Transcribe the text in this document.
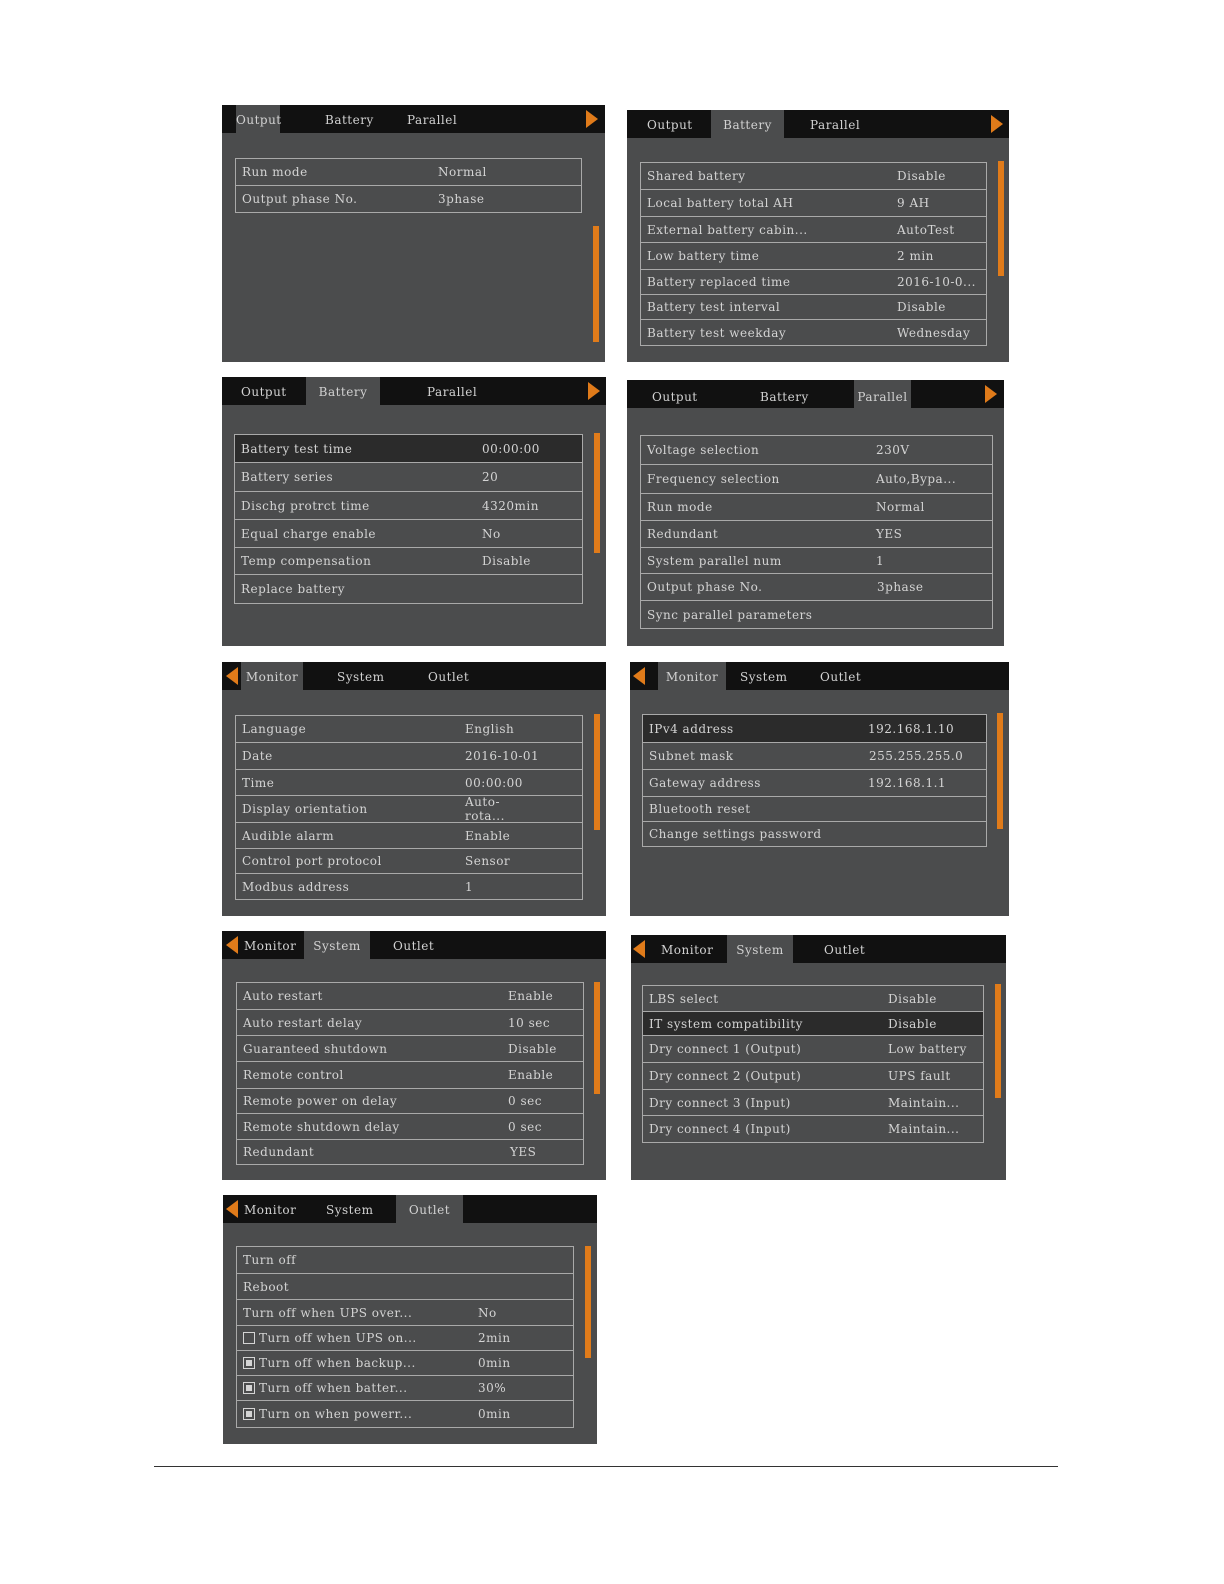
Output	Battery	Parallel
Run mode	Normal
Output phase No.	3phase
Output	Battery	Parallel
Shared battery	Disable
Local battery total AH	9 AH
External battery cabin...	AutoTest
Low battery time	2 min
Battery replaced time	2016-10-0...
Battery test interval	Disable
Battery test weekday	Wednesday
Output	Battery	Parallel
Battery test time	00:00:00
Battery series	20
Dischg protrct time	4320min
Equal charge enable	No
Temp compensation	Disable
Replace battery
Output	Battery	Parallel
Voltage selection	230V
Frequency selection	Auto,Bypa...
Run mode	Normal
Redundant	YES
System parallel num	1
Output phase No.	3phase
Sync parallel parameters
Monitor	System	Outlet
Language	English
Date	2016-10-01
Time	00:00:00
Display orientation	Auto-rota...
Audible alarm	Enable
Control port protocol	Sensor
Modbus address	1
Monitor	System	Outlet
IPv4 address	192.168.1.10
Subnet mask	255.255.255.0
Gateway address	192.168.1.1
Bluetooth reset
Change settings password
Monitor	System	Outlet
Auto restart	Enable
Auto restart delay	10 sec
Guaranteed shutdown	Disable
Remote control	Enable
Remote power on delay	0 sec
Remote shutdown delay	0 sec
Redundant	YES
Monitor	System	Outlet
LBS select	Disable
IT system compatibility	Disable
Dry connect 1 (Output)	Low battery
Dry connect 2 (Output)	UPS fault
Dry connect 3 (Input)	Maintain...
Dry connect 4 (Input)	Maintain...
Monitor System	Outlet
Turn off
Reboot
Turn off when UPS over...	No
Turn off when UPS on...	2min
Turn off when backup...	0min
Turn off when batter...	30%
Turn on when powerr...	0min
